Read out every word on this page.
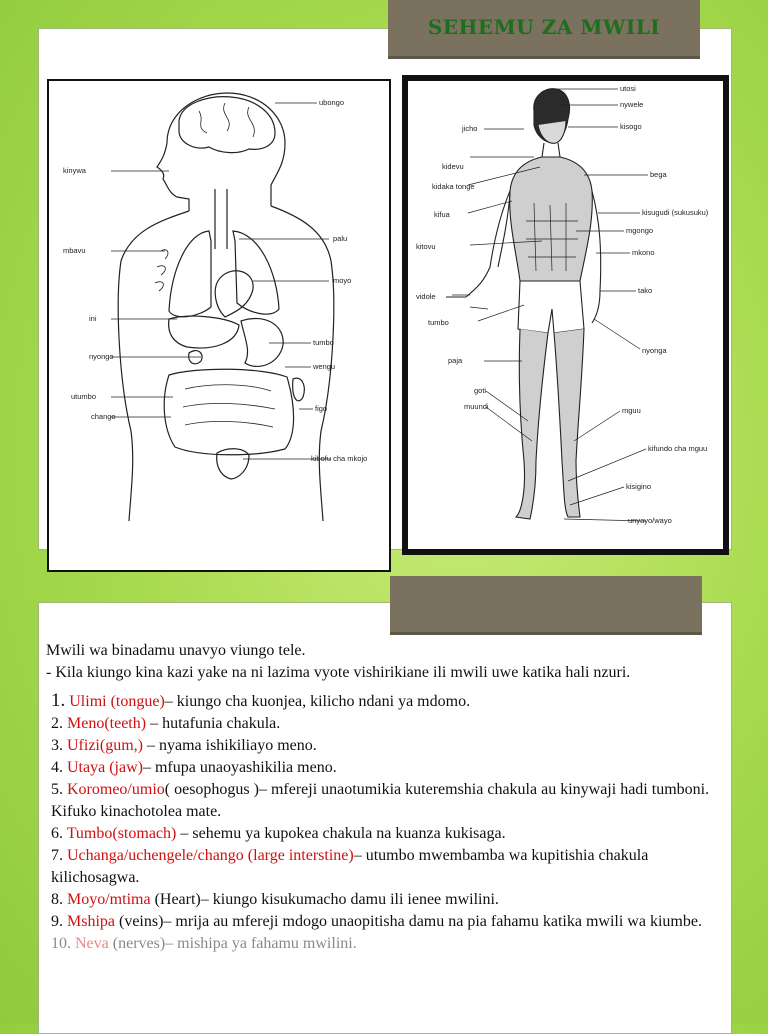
SEHEMU ZA MWILI
ubongo
kinywa
mbavu
palu
moyo
ini
tumbo
nyongo
wengu
utumbo
chango
figo
kibofu cha mkojo
utosi
nywele
jicho	kisogo
kidevu
kidaka tonge
bega
kifua	kisugudi (sukusuku)
mgongo
kitovu
mkono
vidole
tako
tumbo
paja
nyonga
goti
muundi	mguu
kifundo cha mguu
kisigino
unyayo/wayo

Mwili wa binadamu unavyo viungo tele.

- Kila kiungo kina kazi yake na ni lazima vyote vishirikiane ili mwili uwe katika hali nzuri.

1. Ulimi (tongue)– kiungo cha kuonjea, kilicho ndani ya mdomo.

2. Meno(teeth) – hutafunia chakula.

3. Ufizi(gum,) – nyama ishikiliayo meno.

4. Utaya (jaw)– mfupa unaoyashikilia meno.

5. Koromeo/umio( oesophogus )– mfereji unaotumikia kuteremshia chakula au kinywaji hadi tumboni. Kifuko kinachotolea mate.

6. Tumbo(stomach) – sehemu ya kupokea chakula na kuanza kukisaga.

7. Uchanga/uchengele/chango (large interstine)– utumbo mwembamba wa kupitishia chakula kilichosagwa.

8. Moyo/mtima (Heart)– kiungo kisukumacho damu ili ienee mwilini.

9. Mshipa (veins)– mrija au mfereji mdogo unaopitisha damu na pia fahamu katika mwili wa kiumbe.

10. Neva (nerves)– mishipa ya fahamu mwilini.
